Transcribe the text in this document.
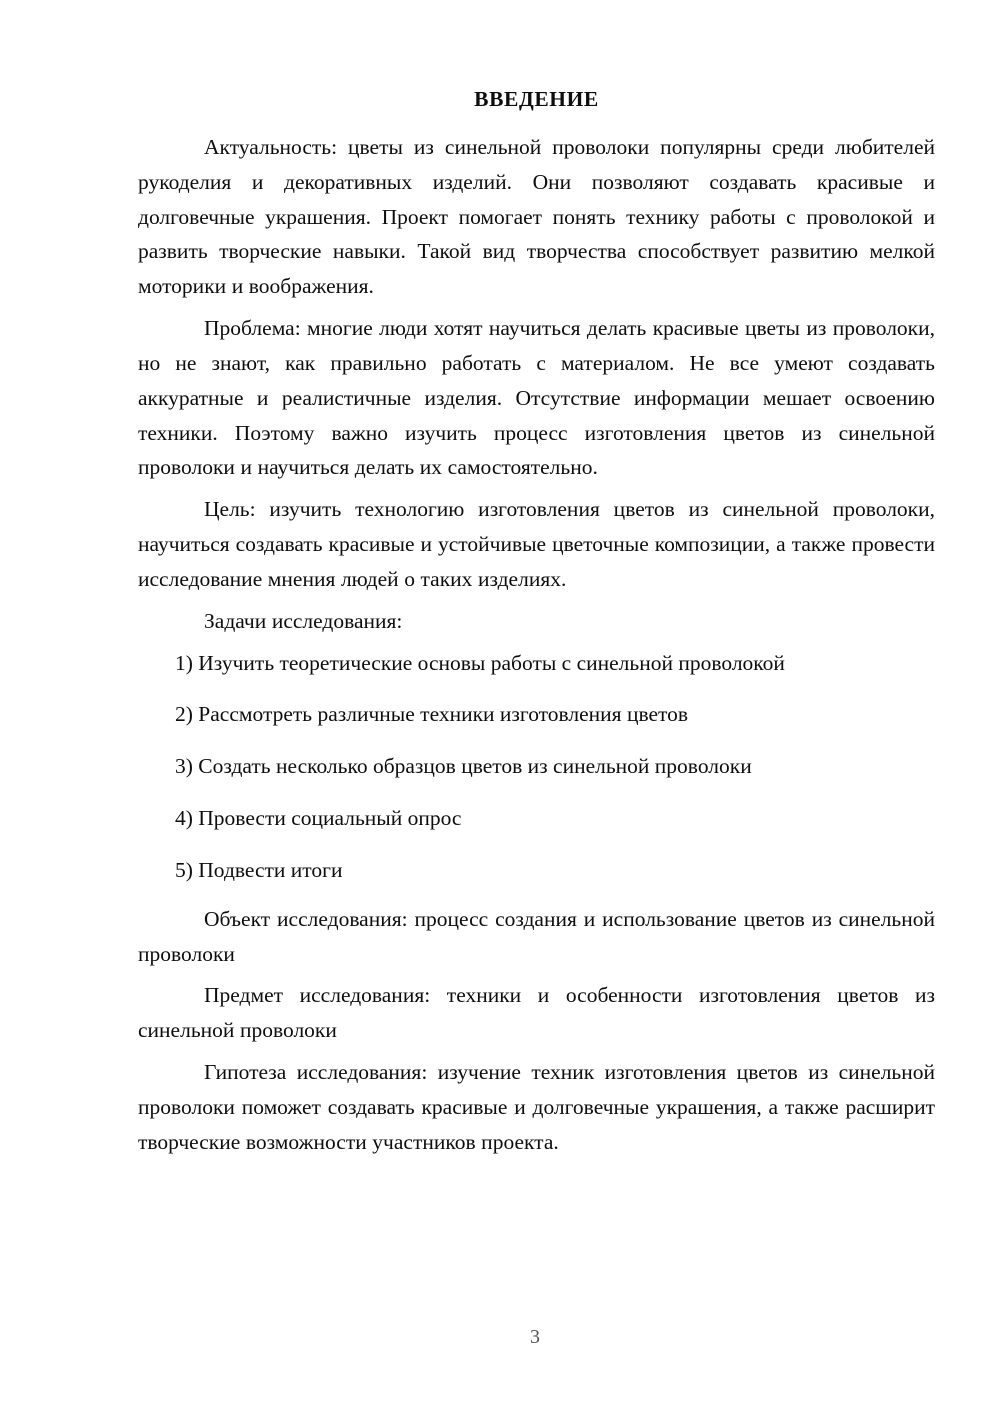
ВВЕДЕНИЕ

Актуальность: цветы из синельной проволоки популярны среди любителей рукоделия и декоративных изделий. Они позволяют создавать красивые и долговечные украшения. Проект помогает понять технику работы с проволокой и развить творческие навыки. Такой вид творчества способствует развитию мелкой моторики и воображения.

Проблема: многие люди хотят научиться делать красивые цветы из проволоки, но не знают, как правильно работать с материалом. Не все умеют создавать аккуратные и реалистичные изделия. Отсутствие информации мешает освоению техники. Поэтому важно изучить процесс изготовления цветов из синельной проволоки и научиться делать их самостоятельно.

Цель: изучить технологию изготовления цветов из синельной проволоки, научиться создавать красивые и устойчивые цветочные композиции, а также провести исследование мнения людей о таких изделиях.

Задачи исследования:

1) Изучить теоретические основы работы с синельной проволокой
2) Рассмотреть различные техники изготовления цветов
3) Создать несколько образцов цветов из синельной проволоки
4) Провести социальный опрос
5) Подвести итоги

Объект исследования: процесс создания и использование цветов из синельной проволоки

Предмет исследования: техники и особенности изготовления цветов из синельной проволоки

Гипотеза исследования: изучение техник изготовления цветов из синельной проволоки поможет создавать красивые и долговечные украшения, а также расширит творческие возможности участников проекта.

3
